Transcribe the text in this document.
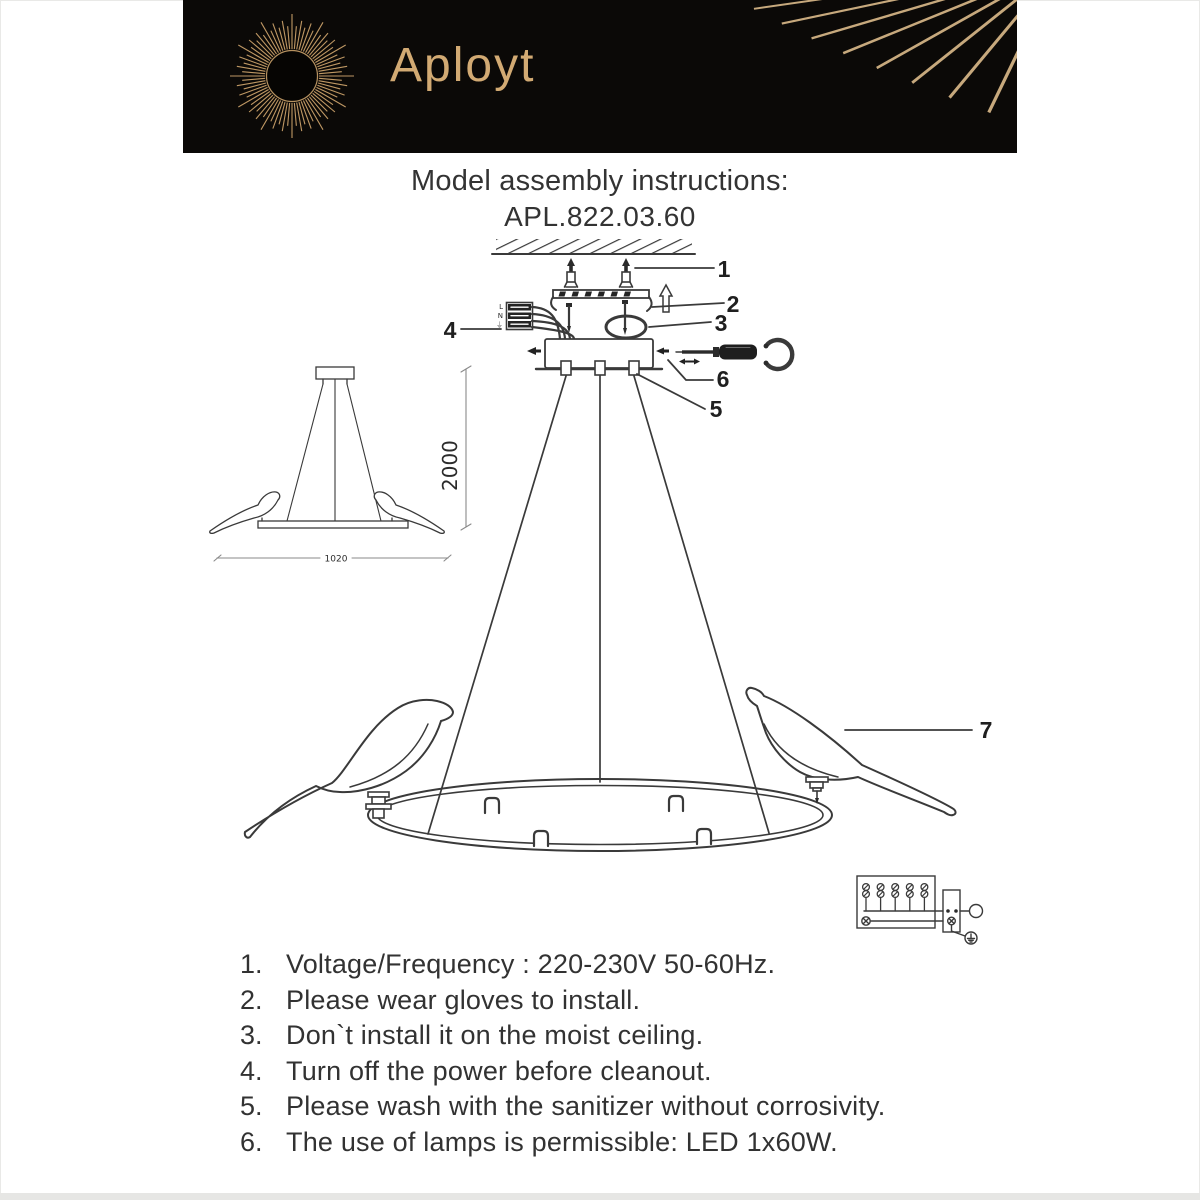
Aployt
Model assembly instructions:
APL.822.03.60
L
N
⏚
1
2
3
4
5
6
7
2000
1020
1. Voltage/Frequency : 220-230V 50-60Hz.
2. Please wear gloves to install.
3. Don`t install it on the moist ceiling.
4. Turn off the power before cleanout.
5. Please wash with the sanitizer without corrosivity.
6. The use of lamps is permissible: LED 1x60W.
